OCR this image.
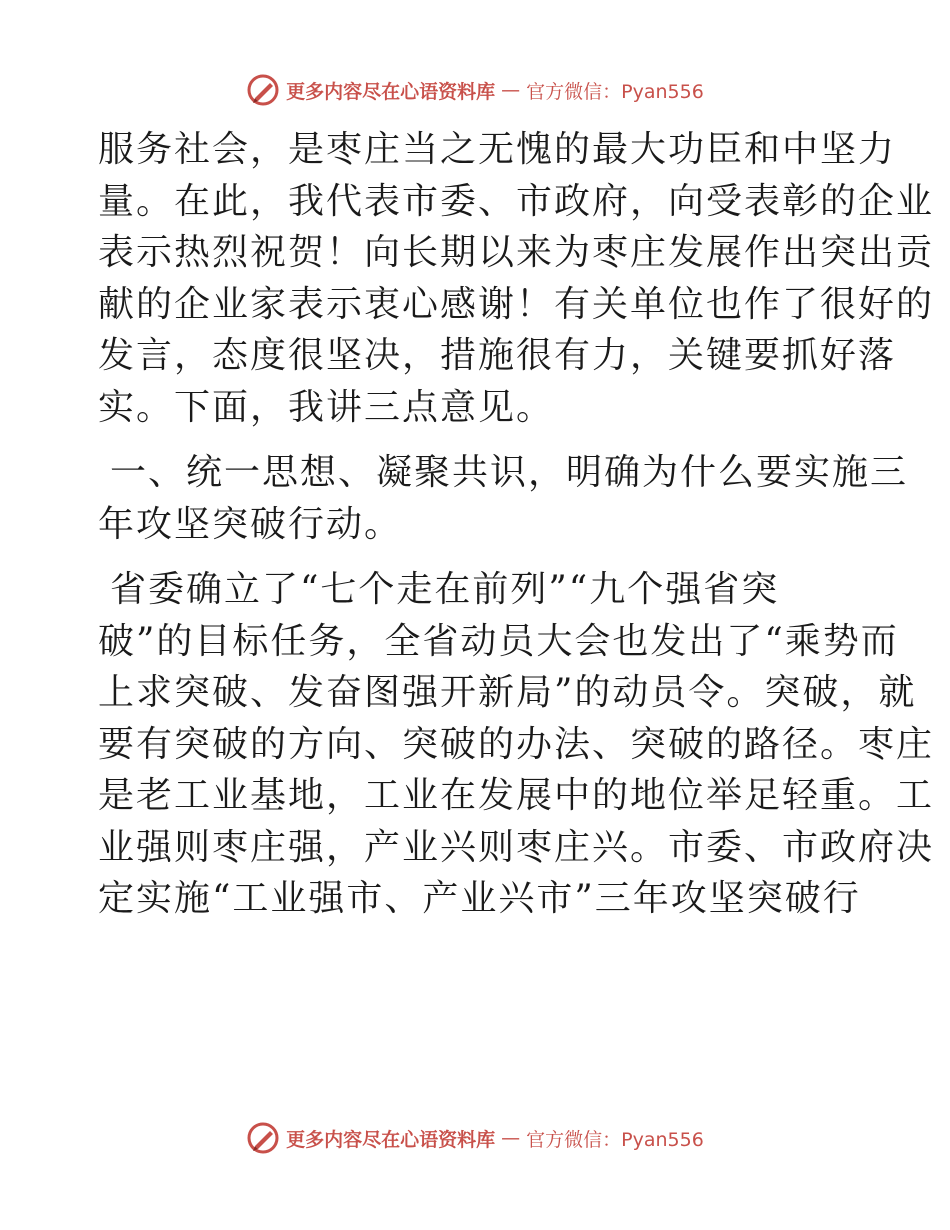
更多内容尽在心语资料库 — 官方微信：Pyan556

服务社会，是枣庄当之无愧的最大功臣和中坚力
量。在此，我代表市委、市政府，向受表彰的企业
表示热烈祝贺！向长期以来为枣庄发展作出突出贡
献的企业家表示衷心感谢！有关单位也作了很好的
发言，态度很坚决，措施很有力，关键要抓好落
实。下面，我讲三点意见。

一、统一思想、凝聚共识，明确为什么要实施三
年攻坚突破行动。

省委确立了“七个走在前列”“九个强省突
破”的目标任务，全省动员大会也发出了“乘势而
上求突破、发奋图强开新局”的动员令。突破，就
要有突破的方向、突破的办法、突破的路径。枣庄
是老工业基地，工业在发展中的地位举足轻重。工
业强则枣庄强，产业兴则枣庄兴。市委、市政府决
定实施“工业强市、产业兴市”三年攻坚突破行

更多内容尽在心语资料库 — 官方微信：Pyan556
